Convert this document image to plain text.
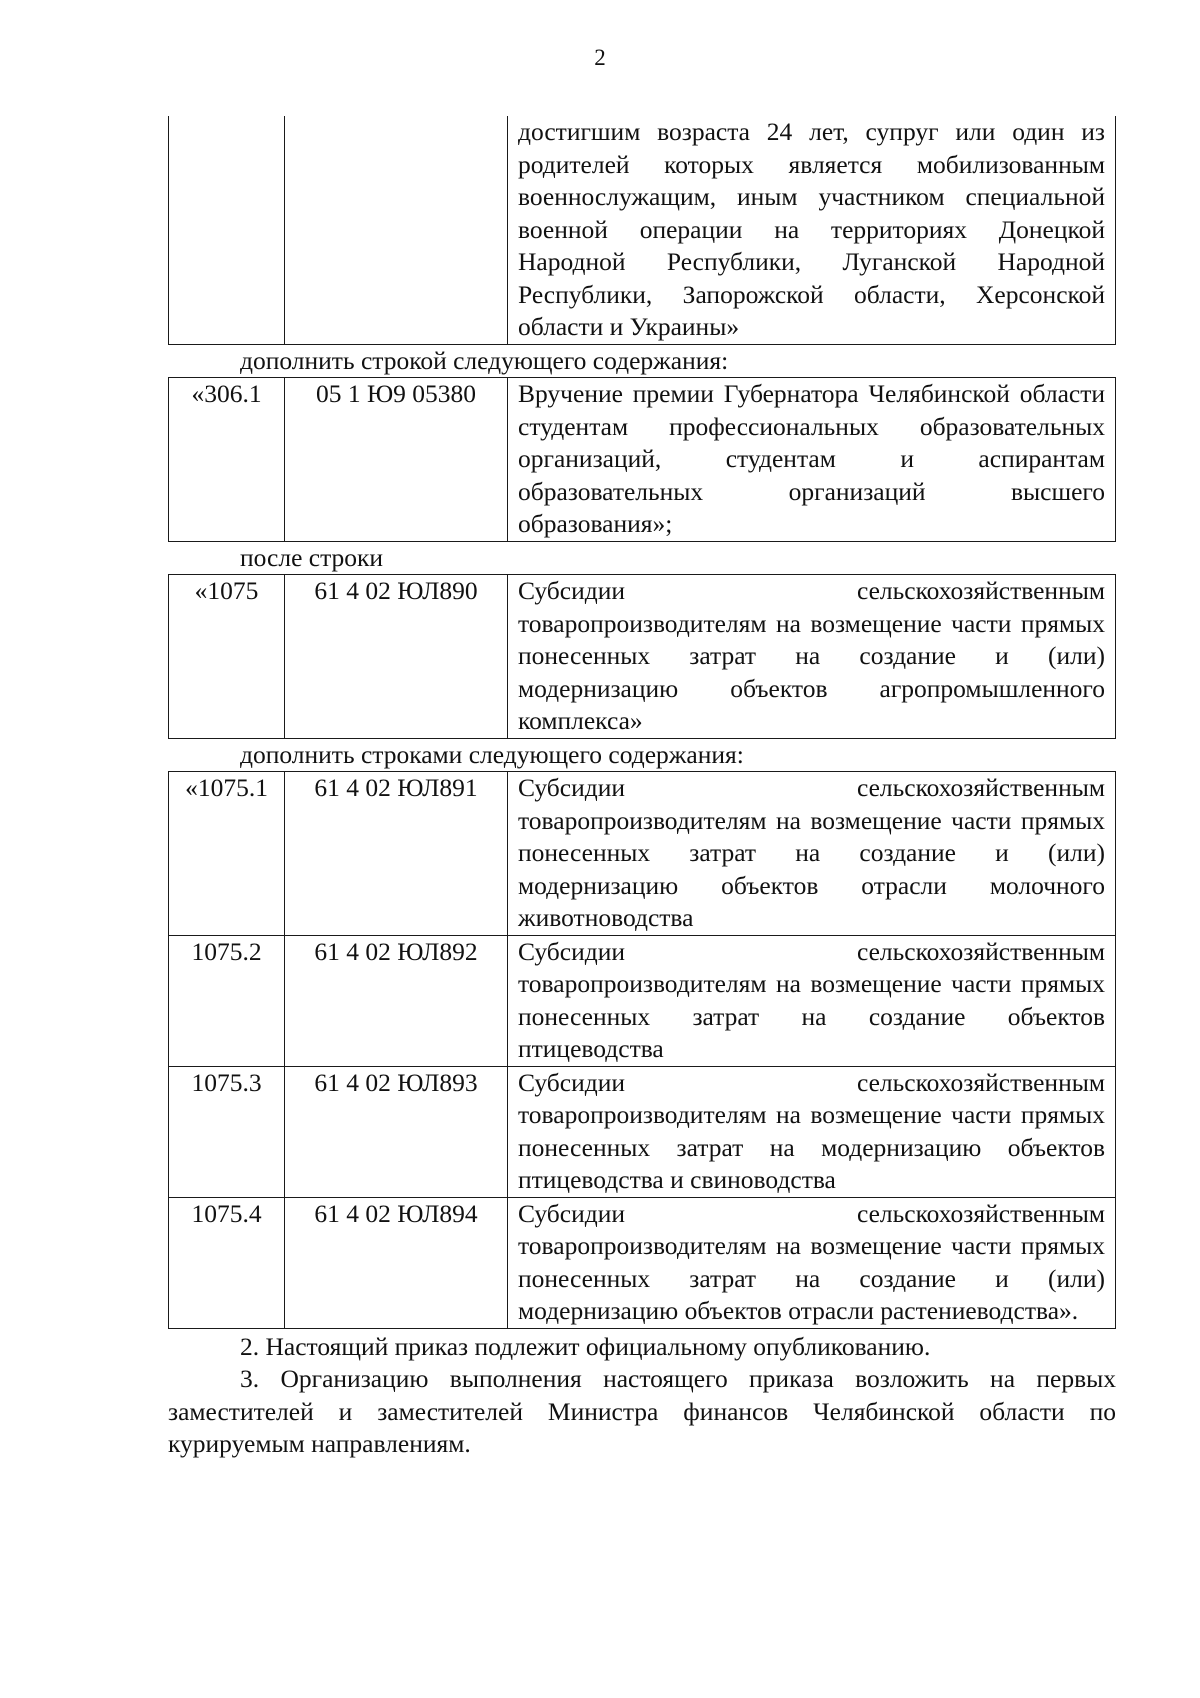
2
		достигшим возраста 24 лет, супруг или один из родителей которых является мобилизованным военнослужащим, иным участником специальной военной операции на территориях Донецкой Народной Республики, Луганской Народной Республики, Запорожской области, Херсонской области и Украины»

дополнить строкой следующего содержания:

«306.1	05 1 Ю9 05380	Вручение премии Губернатора Челябинской области студентам профессиональных образовательных организаций, студентам и аспирантам образовательных организаций высшего образования»;

после строки

«1075	61 4 02 ЮЛ890	Субсидии сельскохозяйственным товаропроизводителям на возмещение части прямых понесенных затрат на создание и (или) модернизацию объектов агропромышленного комплекса»

дополнить строками следующего содержания:

«1075.1	61 4 02 ЮЛ891	Субсидии сельскохозяйственным товаропроизводителям на возмещение части прямых понесенных затрат на создание и (или) модернизацию объектов отрасли молочного животноводства
1075.2	61 4 02 ЮЛ892	Субсидии сельскохозяйственным товаропроизводителям на возмещение части прямых понесенных затрат на создание объектов птицеводства
1075.3	61 4 02 ЮЛ893	Субсидии сельскохозяйственным товаропроизводителям на возмещение части прямых понесенных затрат на модернизацию объектов птицеводства и свиноводства
1075.4	61 4 02 ЮЛ894	Субсидии сельскохозяйственным товаропроизводителям на возмещение части прямых понесенных затрат на создание и (или) модернизацию объектов отрасли растениеводства».

2. Настоящий приказ подлежит официальному опубликованию.

3. Организацию выполнения настоящего приказа возложить на первых заместителей и заместителей Министра финансов Челябинской области по курируемым направлениям.
